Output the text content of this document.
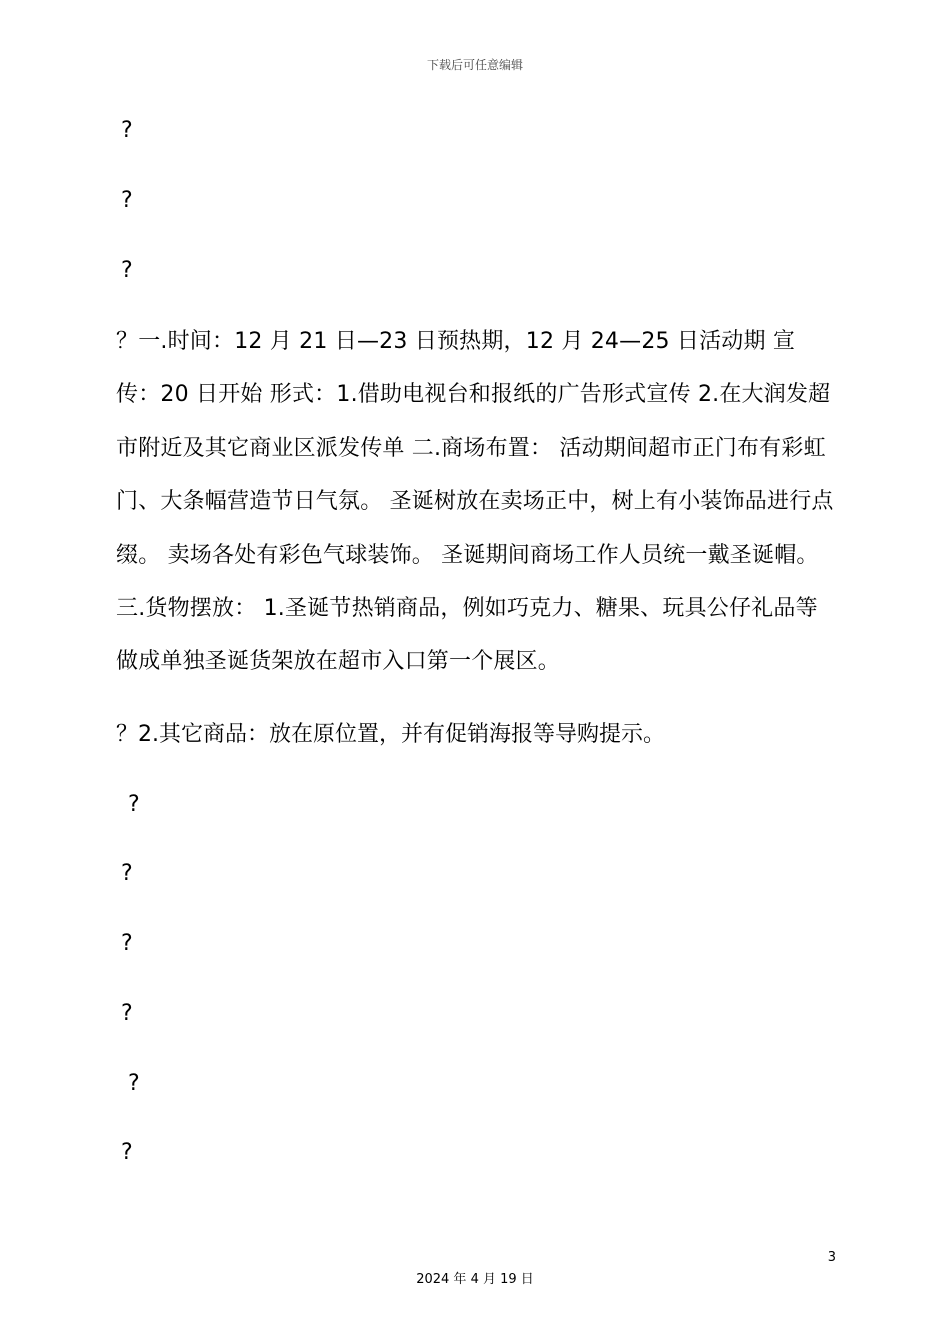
下载后可任意编辑
?
?
?

？一.时间：12 月 21 日—23 日预热期，12 月 24—25 日活动期 宣传：20 日开始 形式：1.借助电视台和报纸的广告形式宣传 2.在大润发超市附近及其它商业区派发传单 二.商场布置： 活动期间超市正门布有彩虹门、大条幅营造节日气氛。 圣诞树放在卖场正中，树上有小装饰品进行点缀。 卖场各处有彩色气球装饰。 圣诞期间商场工作人员统一戴圣诞帽。 三.货物摆放： 1.圣诞节热销商品，例如巧克力、糖果、玩具公仔礼品等做成单独圣诞货架放在超市入口第一个展区。

？2.其它商品：放在原位置，并有促销海报等导购提示。

?
?
?
?
?
?
3
2024 年 4 月 19 日
